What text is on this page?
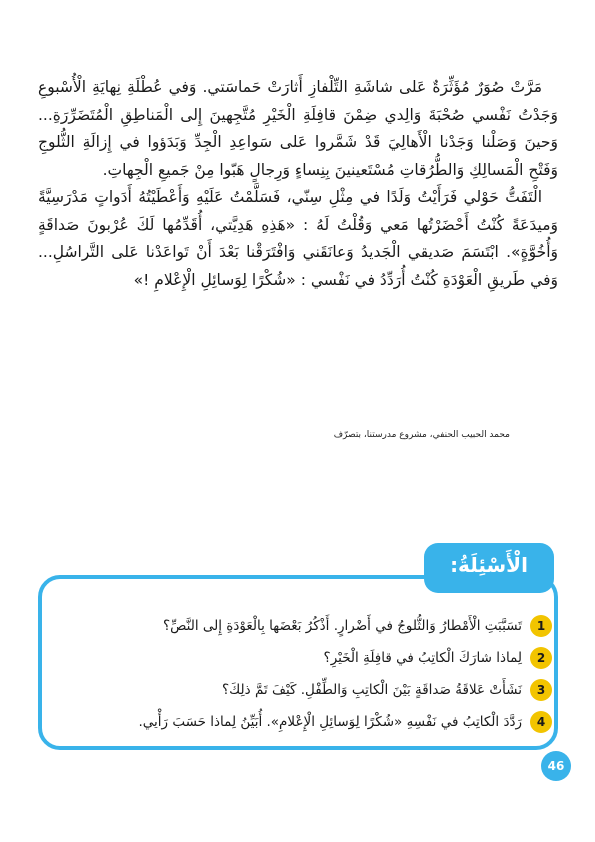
مَرَّتْ صُوَرٌ مُؤَثِّرَةٌ عَلى شاشَةِ التِّلْفازِ أَثارَتْ حَماسَتي. وَفي عُطْلَةِ نِهايَةِ الْأُسْبوعِ وَجَدْتُ نَفْسي صُحْبَةَ وَالِدي ضِمْنَ قافِلَةِ الْخَيْرِ مُتَّجِهينَ إِلى الْمَناطِقِ الْمُتَضَرِّرَةِ... وَحينَ وَصَلْنا وَجَدْنا الْأَهالِيَ قَدْ شَمَّروا عَلى سَواعِدِ الْجِدِّ وَبَدَؤوا في إِزالَةِ الثُّلوجِ وَفَتْحِ الْمَسالِكِ وَالطُّرُقاتِ مُسْتَعينينَ بِنِساءٍ وَرِجالٍ هَبّوا مِنْ جَميعِ الْجِهاتِ.

الْتَفَتُّ حَوْلي فَرَأَيْتُ وَلَدًا في مِثْلِ سِنّي، فَسَلَّمْتُ عَلَيْهِ وَأَعْطَيْتُهُ أَدَواتٍ مَدْرَسِيَّةً وَميدَعَةً كُنْتُ أَحْضَرْتُها مَعي وَقُلْتُ لَهُ : «هَذِهِ هَدِيَّتي، أُقَدِّمُها لَكَ عُرْبونَ صَداقَةٍ وَأُخُوَّةٍ». ابْتَسَمَ صَديقي الْجَديدُ وَعانَقَني وَافْتَرَقْنا بَعْدَ أَنْ تَواعَدْنا عَلى التَّراسُلِ... وَفي طَريقِ الْعَوْدَةِ كُنْتُ أُرَدِّدُ في نَفْسي : «شُكْرًا لِوَسائِلِ الْإِعْلامِ !»

محمد الحبيب الحنفي، مشروع مدرستنا، بتصرّف
الْأَسْئِلَةُ:
1
تَسَبَّبَتِ الْأَمْطارُ وَالثُّلوجُ في أَضْرارٍ. أَذْكُرُ بَعْضَها بِالْعَوْدَةِ إِلى النَّصِّ؟
2
لِماذا شارَكَ الْكاتِبُ في قافِلَةِ الْخَيْرِ؟
3
نَشَأَتْ عَلاقَةُ صَداقَةٍ بَيْنَ الْكاتِبِ وَالطِّفْلِ. كَيْفَ تَمَّ ذلِكَ؟
4
رَدَّدَ الْكاتِبُ في نَفْسِهِ «شُكْرًا لِوَسائِلِ الْإِعْلامِ». أُبَيِّنُ لِماذا حَسَبَ رَأْيي.
46
